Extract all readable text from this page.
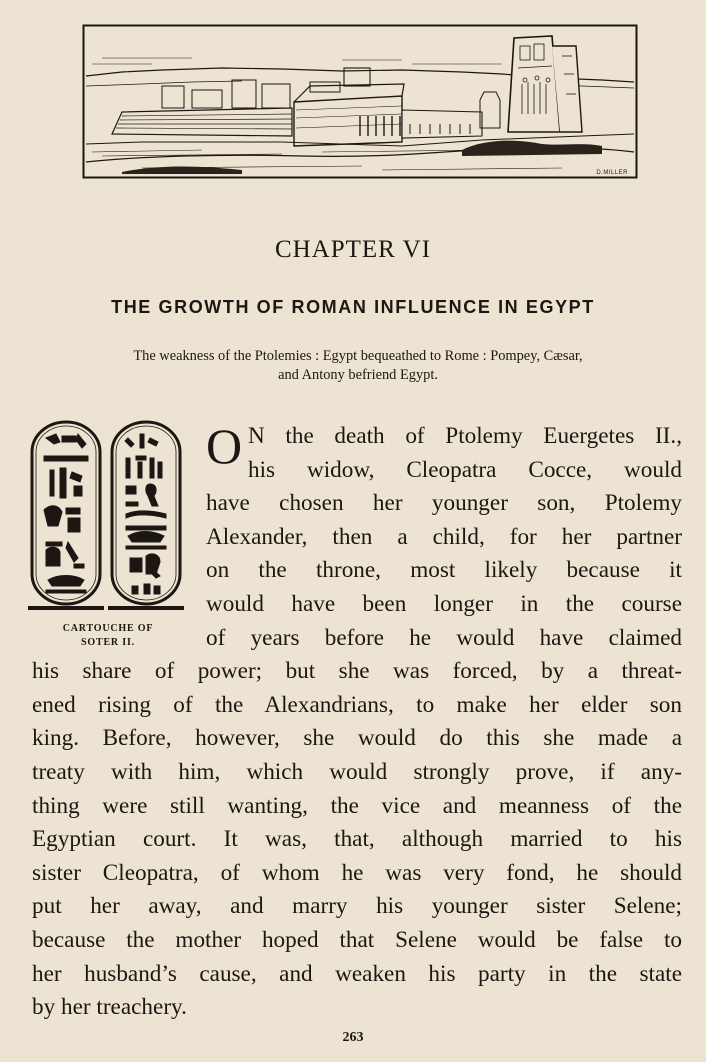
D.MILLER
CHAPTER VI
THE GROWTH OF ROMAN INFLUENCE IN EGYPT
The weakness of the Ptolemies : Egypt bequeathed to Rome : Pompey, Cæsar,
and Antony befriend Egypt.
CARTOUCHE OF
SOTER II.
O N the death of Ptolemy Euergetes II.,
his widow, Cleopatra Cocce, would
have chosen her younger son, Ptolemy
Alexander, then a child, for her partner
on the throne, most likely because it
would have been longer in the course
of years before he would have claimed
his share of power; but she was forced, by a threat-
ened rising of the Alexandrians, to make her elder son
king. Before, however, she would do this she made a
treaty with him, which would strongly prove, if any-
thing were still wanting, the vice and meanness of the
Egyptian court. It was, that, although married to his
sister Cleopatra, of whom he was very fond, he should
put her away, and marry his younger sister Selene;
because the mother hoped that Selene would be false to
her husband’s cause, and weaken his party in the state
by her treachery.
263
